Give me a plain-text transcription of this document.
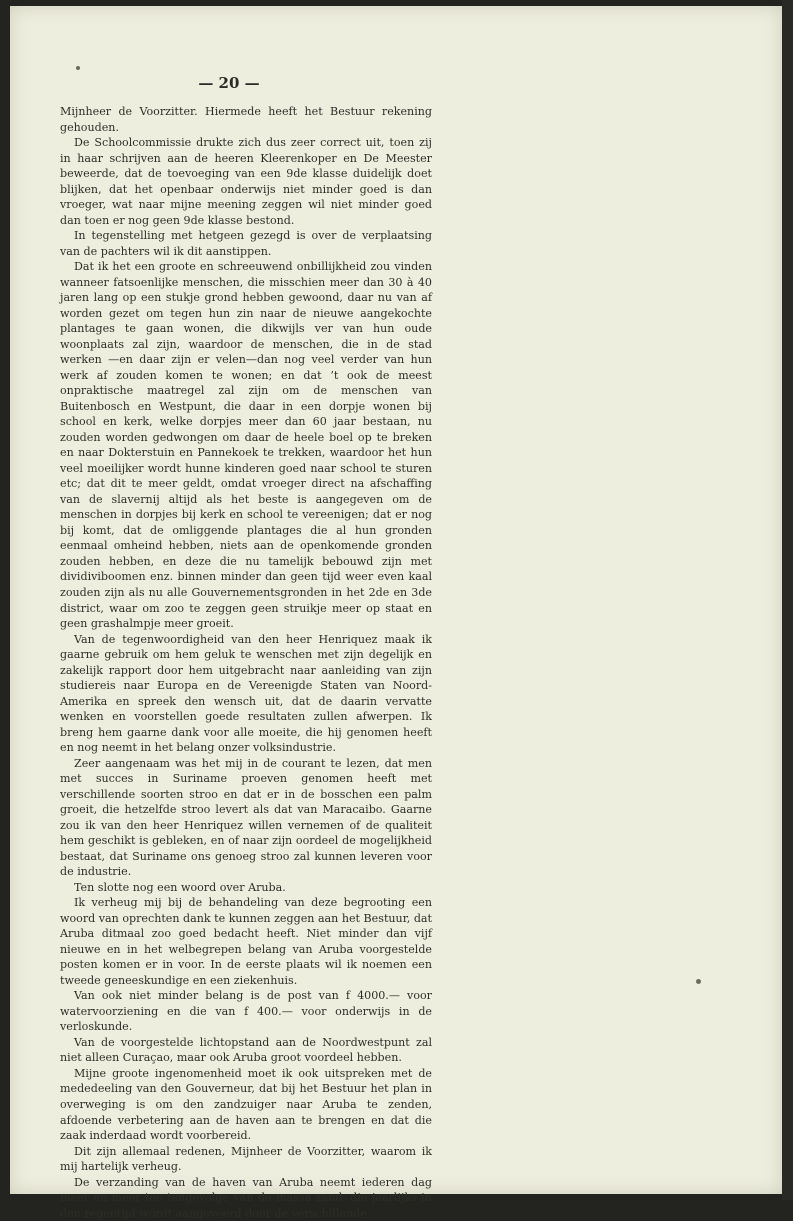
— 20 —

Mijnheer de Voorzitter. Hiermede heeft het Bestuur rekening gehouden.

De Schoolcommissie drukte zich dus zeer correct uit, toen zij in haar schrijven aan de heeren Kleerenkoper en De Meester beweerde, dat de toevoeging van een 9de klasse duidelijk doet blijken, dat het openbaar onderwijs niet minder goed is dan vroeger, wat naar mijne meening zeggen wil niet minder goed dan toen er nog geen 9de klasse bestond.

In tegenstelling met hetgeen gezegd is over de verplaatsing van de pachters wil ik dit aanstippen.

Dat ik het een groote en schreeuwend onbillijkheid zou vinden wanneer fatsoenlijke menschen, die misschien meer dan 30 à 40 jaren lang op een stukje grond hebben gewoond, daar nu van af worden gezet om tegen hun zin naar de nieuwe aangekochte plantages te gaan wonen, die dikwijls ver van hun oude woonplaats zal zijn, waardoor de menschen, die in de stad werken —en daar zijn er velen—dan nog veel verder van hun werk af zouden komen te wonen; en dat ’t ook de meest onpraktische maatregel zal zijn om de menschen van Buitenbosch en Westpunt, die daar in een dorpje wonen bij school en kerk, welke dorpjes meer dan 60 jaar bestaan, nu zouden worden gedwongen om daar de heele boel op te breken en naar Dokterstuin en Pannekoek te trekken, waardoor het hun veel moeilijker wordt hunne kinderen goed naar school te sturen etc; dat dit te meer geldt, omdat vroeger direct na afschaffing van de slavernij altijd als het beste is aangegeven om de menschen in dorpjes bij kerk en school te vereenigen; dat er nog bij komt, dat de omliggende plantages die al hun gronden eenmaal omheind hebben, niets aan de openkomende gronden zouden hebben, en deze die nu tamelijk bebouwd zijn met dividiviboomen enz. binnen minder dan geen tijd weer even kaal zouden zijn als nu alle Gouvernementsgronden in het 2de en 3de district, waar om zoo te zeggen geen struikje meer op staat en geen grashalmpje meer groeit.

Van de tegenwoordigheid van den heer Henriquez maak ik gaarne gebruik om hem geluk te wenschen met zijn degelijk en zakelijk rapport door hem uitgebracht naar aanleiding van zijn studiereis naar Europa en de Vereenigde Staten van Noord-Amerika en spreek den wensch uit, dat de daarin vervatte wenken en voorstellen goede resultaten zullen afwerpen. Ik breng hem gaarne dank voor alle moeite, die hij genomen heeft en nog neemt in het belang onzer volksindustrie.

Zeer aangenaam was het mij in de courant te lezen, dat men met succes in Suriname proeven genomen heeft met verschillende soorten stroo en dat er in de bosschen een palm groeit, die hetzelfde stroo levert als dat van Maracaibo. Gaarne zou ik van den heer Henriquez willen vernemen of de qualiteit hem geschikt is gebleken, en of naar zijn oordeel de mogelijkheid bestaat, dat Suriname ons genoeg stroo zal kunnen leveren voor de industrie.

Ten slotte nog een woord over Aruba.

Ik verheug mij bij de behandeling van deze begrooting een woord van oprechten dank te kunnen zeggen aan het Bestuur, dat Aruba ditmaal zoo goed bedacht heeft. Niet minder dan vijf nieuwe en in het welbegrepen belang van Aruba voorgestelde posten komen er in voor. In de eerste plaats wil ik noemen een tweede geneeskundige en een ziekenhuis.

Van ook niet minder belang is de post van f 4000.— voor watervoorziening en die van f 400.— voor onderwijs in de verloskunde.

Van de voorgestelde lichtopstand aan de Noordwestpunt zal niet alleen Curaçao, maar ook Aruba groot voordeel hebben.

Mijne groote ingenomenheid moet ik ook uitspreken met de mededeeling van den Gouverneur, dat bij het Bestuur het plan in overweging is om den zandzuiger naar Aruba te zenden, afdoende verbetering aan de haven aan te brengen en dat die zaak inderdaad wordt voorbereid.

Dit zijn allemaal redenen, Mijnheer de Voorzitter, waarom ik mij hartelijk verheug.

De verzanding van de haven van Aruba neemt iederen dag meer en meer toe tengevolge van de massa zand, die jaarlijks in den regentijd wordt aangevoerd door de verschillende
